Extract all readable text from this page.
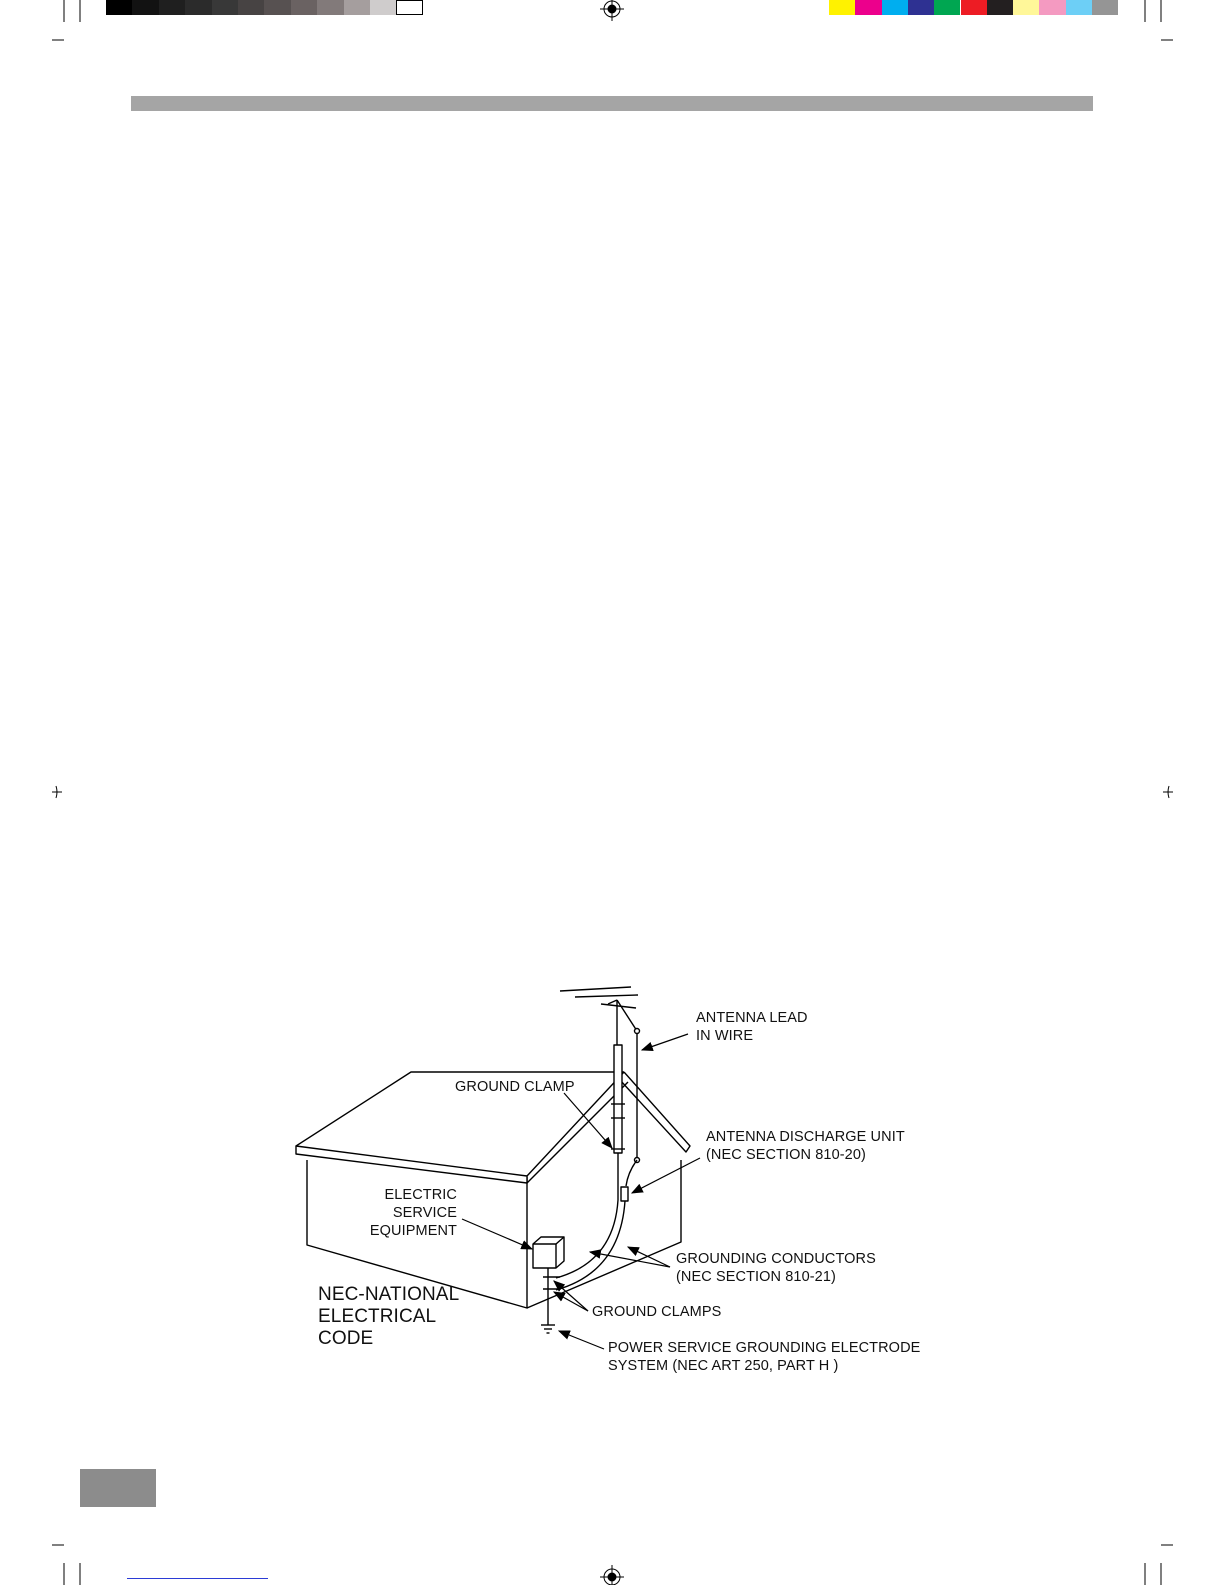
ANTENNA LEAD
IN WIRE
GROUND CLAMP
ANTENNA DISCHARGE UNIT
(NEC SECTION 810-20)
ELECTRIC
SERVICE
EQUIPMENT
GROUNDING CONDUCTORS
(NEC SECTION 810-21)
NEC-NATIONAL
ELECTRICAL
CODE
GROUND CLAMPS
POWER SERVICE GROUNDING ELECTRODE
SYSTEM (NEC ART 250, PART H )
